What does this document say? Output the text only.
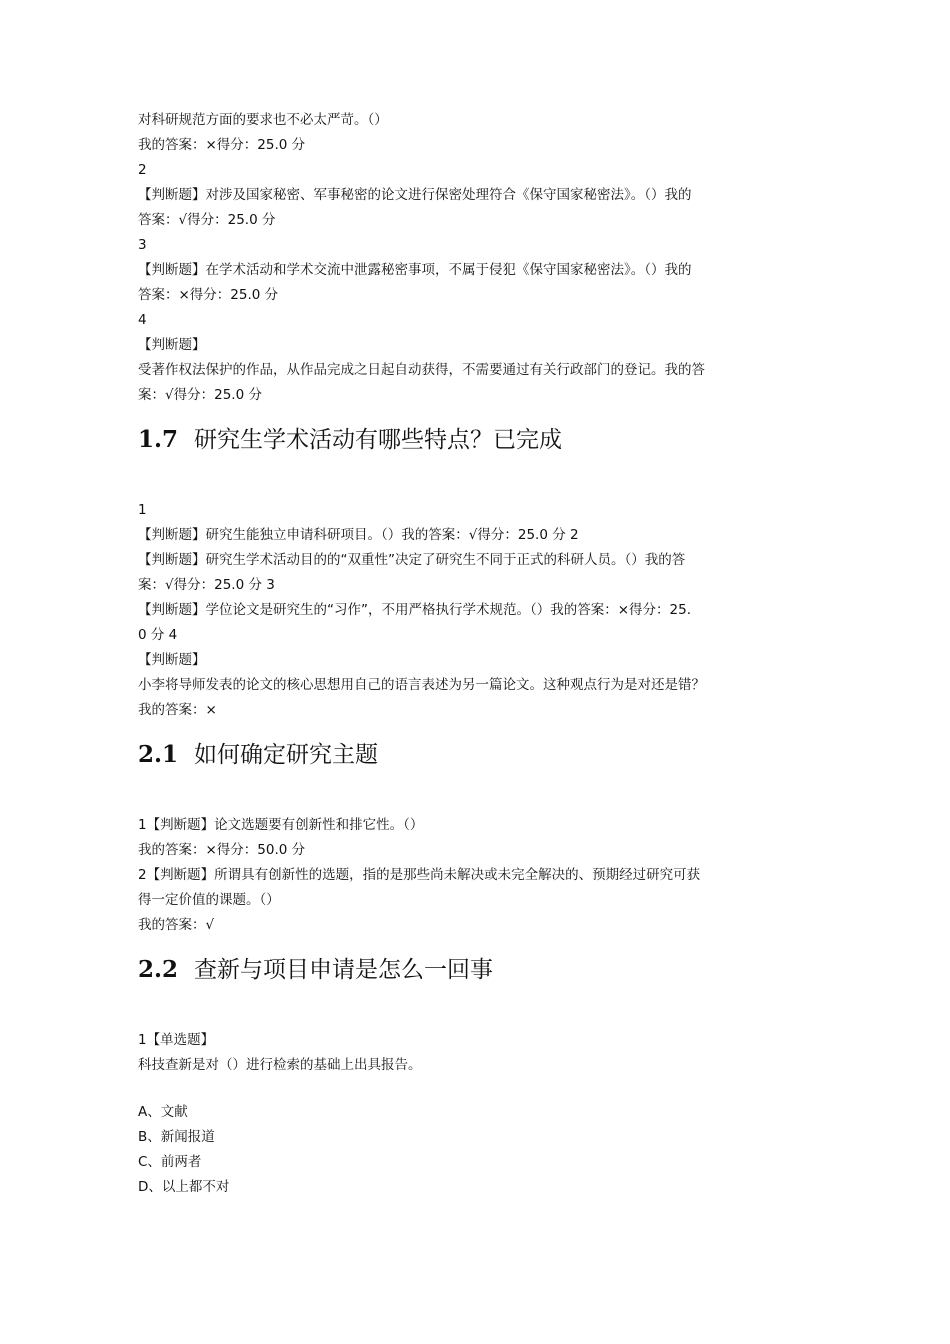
对科研规范方面的要求也不必太严苛。（）
我的答案：×得分：25.0 分
2
【判断题】对涉及国家秘密、军事秘密的论文进行保密处理符合《保守国家秘密法》。（）我的
答案：√得分：25.0 分
3
【判断题】在学术活动和学术交流中泄露秘密事项，不属于侵犯《保守国家秘密法》。（）我的
答案：×得分：25.0 分
4
【判断题】
受著作权法保护的作品，从作品完成之日起自动获得，不需要通过有关行政部门的登记。我的答
案：√得分：25.0 分
1.7 研究生学术活动有哪些特点？已完成
1
【判断题】研究生能独立申请科研项目。（）我的答案：√得分：25.0 分 2
【判断题】研究生学术活动目的的“双重性”决定了研究生不同于正式的科研人员。（）我的答
案：√得分：25.0 分 3
【判断题】学位论文是研究生的“习作”，不用严格执行学术规范。（）我的答案：×得分：25.
0 分 4
【判断题】
小李将导师发表的论文的核心思想用自己的语言表述为另一篇论文。这种观点行为是对还是错？
我的答案：×
2.1 如何确定研究主题
1【判断题】论文选题要有创新性和排它性。（）
我的答案：×得分：50.0 分
2【判断题】所谓具有创新性的选题，指的是那些尚未解决或未完全解决的、预期经过研究可获
得一定价值的课题。（）
我的答案：√
2.2 查新与项目申请是怎么一回事
1【单选题】
科技查新是对（）进行检索的基础上出具报告。
A、文献
B、新闻报道
C、前两者
D、以上都不对
